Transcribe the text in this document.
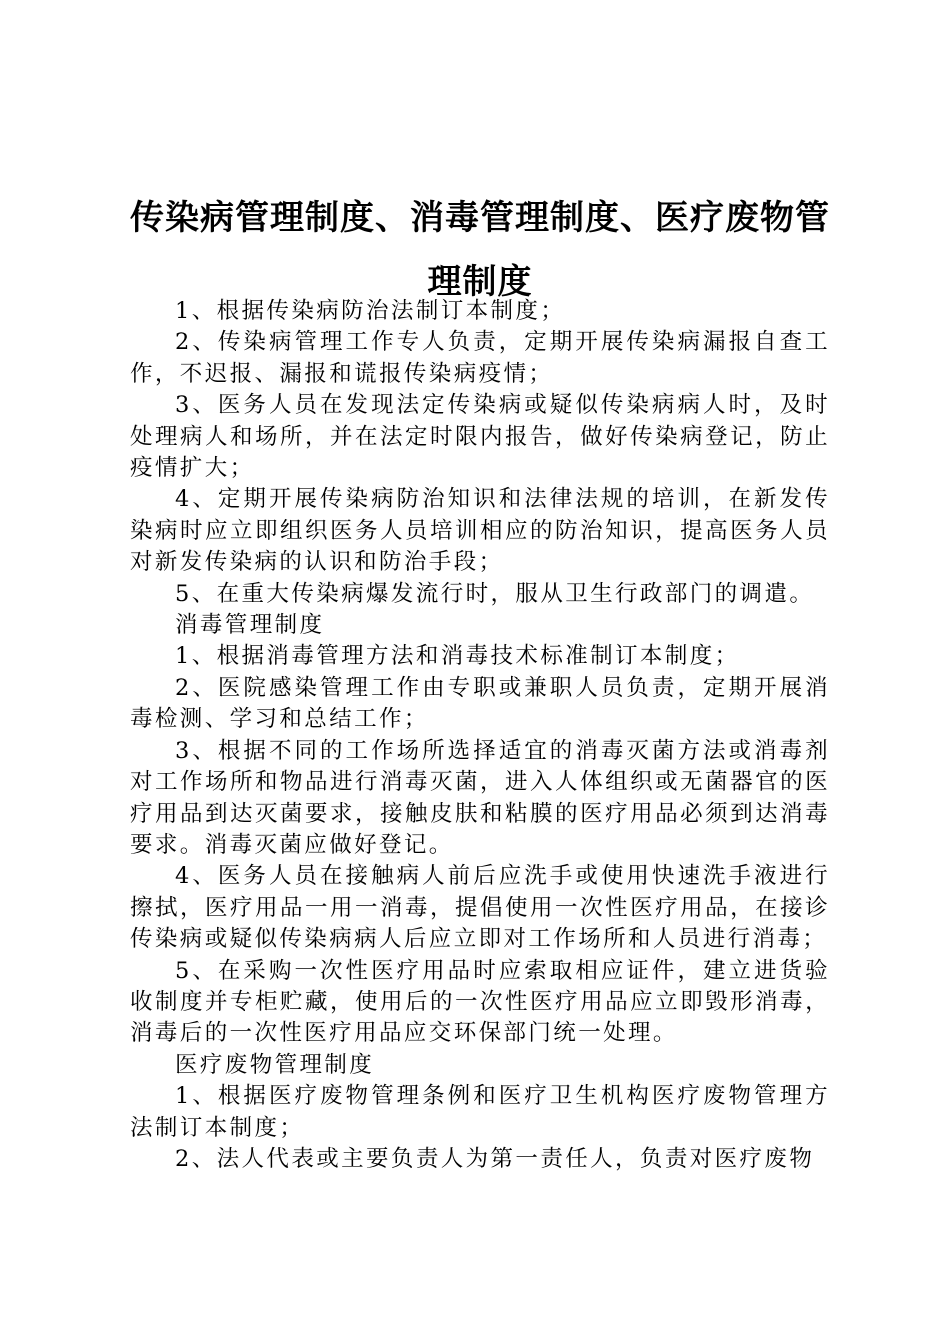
传染病管理制度、消毒管理制度、医疗废物管理制度

1、根据传染病防治法制订本制度；

2、传染病管理工作专人负责，定期开展传染病漏报自查工作，不迟报、漏报和谎报传染病疫情；

3、医务人员在发现法定传染病或疑似传染病病人时，及时处理病人和场所，并在法定时限内报告，做好传染病登记，防止疫情扩大；

4、定期开展传染病防治知识和法律法规的培训，在新发传染病时应立即组织医务人员培训相应的防治知识，提高医务人员对新发传染病的认识和防治手段；

5、在重大传染病爆发流行时，服从卫生行政部门的调遣。

消毒管理制度

1、根据消毒管理方法和消毒技术标准制订本制度；

2、医院感染管理工作由专职或兼职人员负责，定期开展消毒检测、学习和总结工作；

3、根据不同的工作场所选择适宜的消毒灭菌方法或消毒剂对工作场所和物品进行消毒灭菌，进入人体组织或无菌器官的医疗用品到达灭菌要求，接触皮肤和粘膜的医疗用品必须到达消毒要求。消毒灭菌应做好登记。

4、医务人员在接触病人前后应洗手或使用快速洗手液进行擦拭，医疗用品一用一消毒，提倡使用一次性医疗用品，在接诊传染病或疑似传染病病人后应立即对工作场所和人员进行消毒；

5、在采购一次性医疗用品时应索取相应证件，建立进货验收制度并专柜贮藏，使用后的一次性医疗用品应立即毁形消毒，消毒后的一次性医疗用品应交环保部门统一处理。

医疗废物管理制度

1、根据医疗废物管理条例和医疗卫生机构医疗废物管理方法制订本制度；

2、法人代表或主要负责人为第一责任人，负责对医疗废物
